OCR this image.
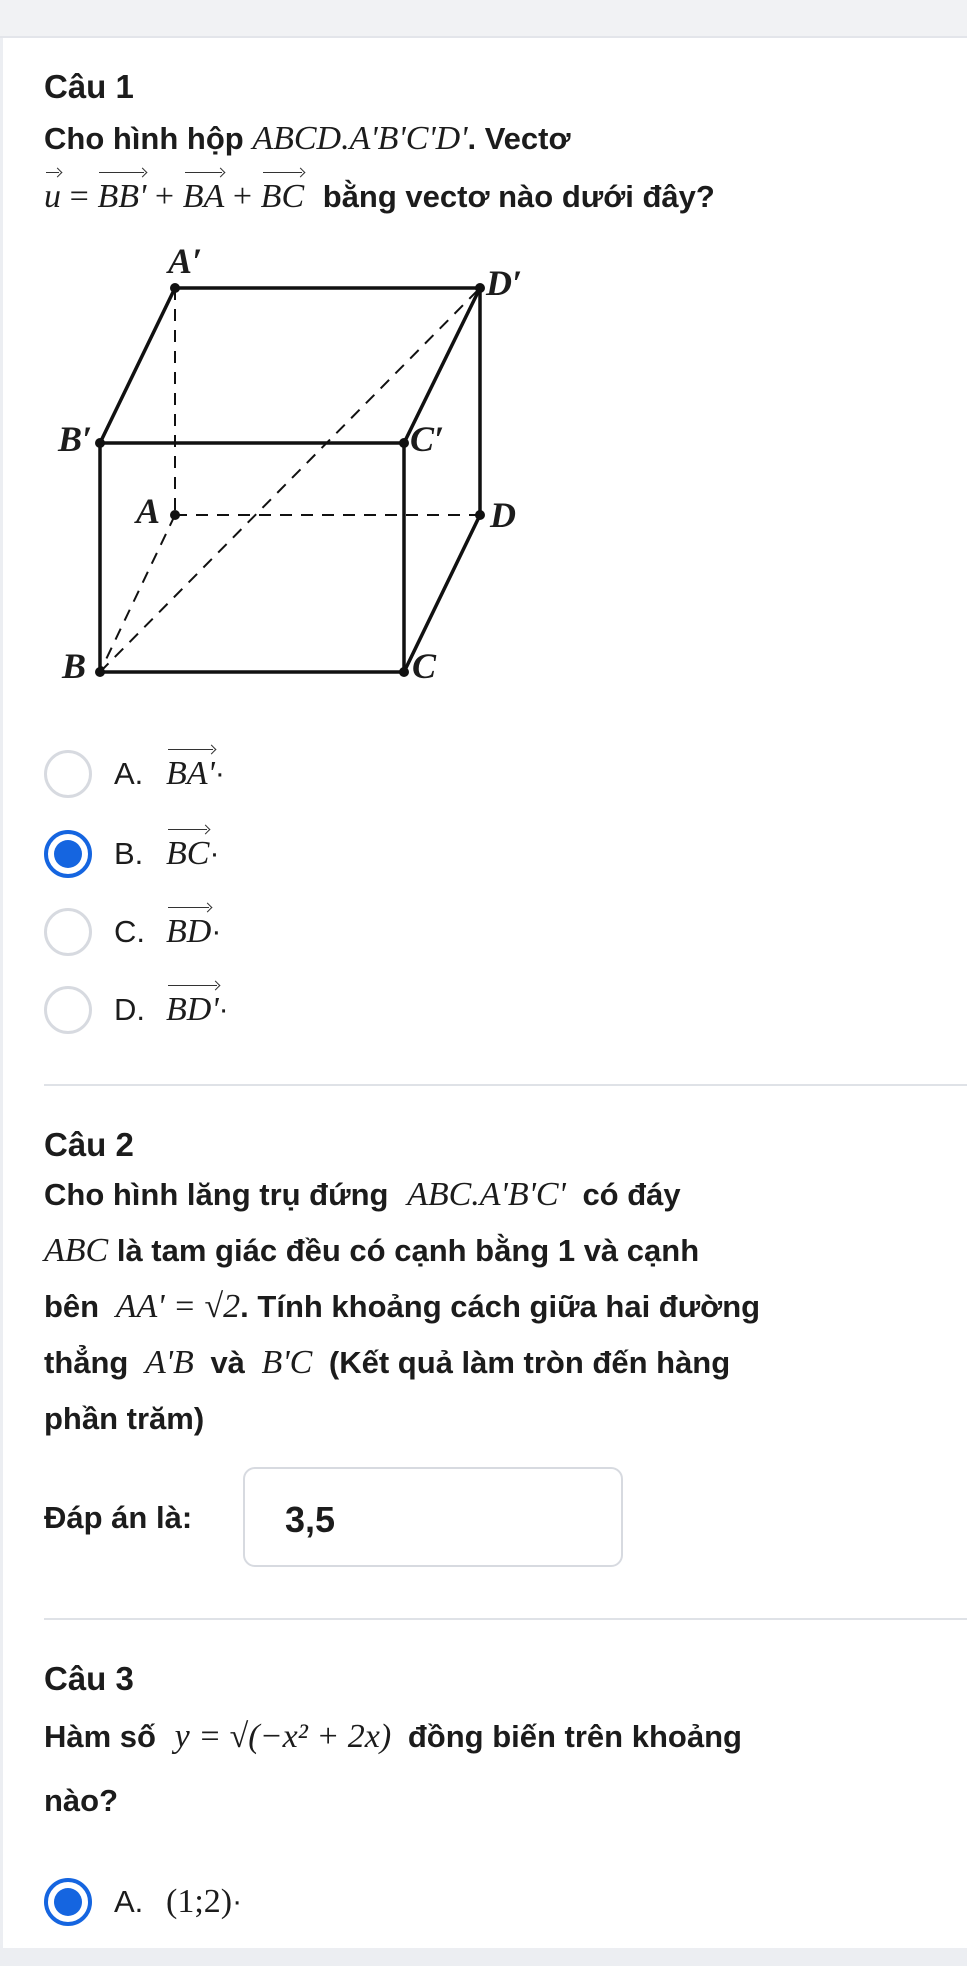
Câu 1
Cho hình hộp ABCD.A'B'C'D'. Vectơ
u = BB' + BA + BC bằng vectơ nào dưới đây?
A′
D′
B′	C′
A	D
B	C
A. BA' ·
B. BC ·
C. BD ·
D. BD' ·
Câu 2
Cho hình lăng trụ đứng ABC.A'B'C' có đáy
ABC là tam giác đều có cạnh bằng 1 và cạnh
bên AA' = √2. Tính khoảng cách giữa hai đường
thẳng A'B và B'C (Kết quả làm tròn đến hàng
phần trăm)
Đáp án là:	3,5
Câu 3
Hàm số y = √(−x² + 2x) đồng biến trên khoảng
nào?
A. (1;2) ·
